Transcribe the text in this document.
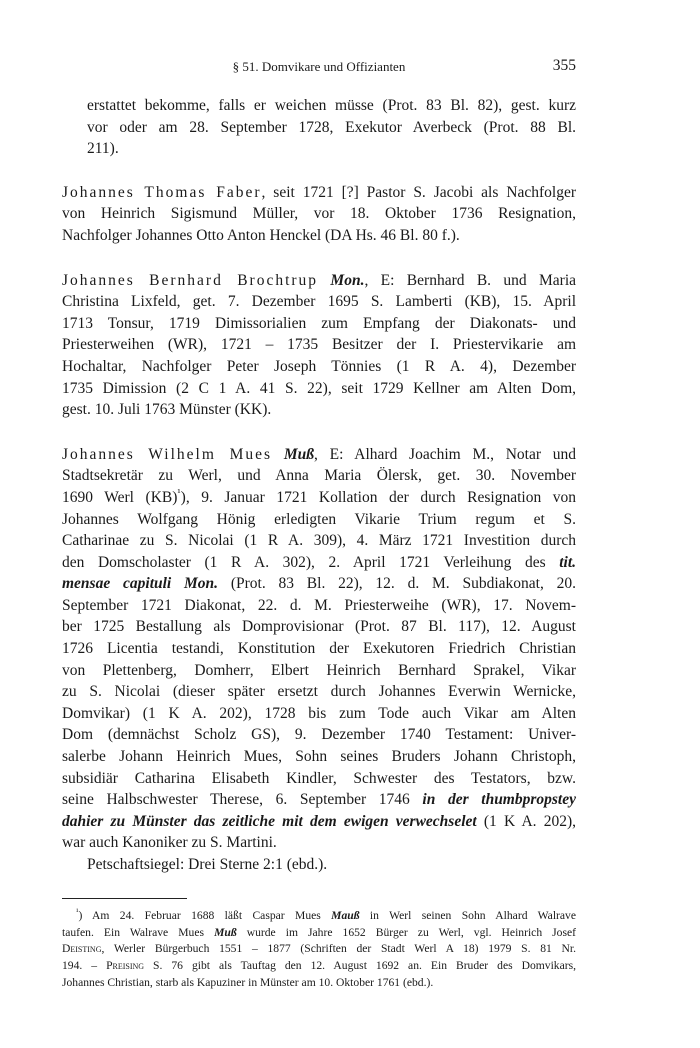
§ 51. Domvikare und Offizianten	355
erstattet bekomme, falls er weichen müsse (Prot. 83 Bl. 82), gest. kurz
vor oder am 28. September 1728, Exekutor Averbeck (Prot. 88 Bl.
211).
Johannes Thomas Faber, seit 1721 [?] Pastor S. Jacobi als Nachfolger
von Heinrich Sigismund Müller, vor 18. Oktober 1736 Resignation,
Nachfolger Johannes Otto Anton Henckel (DA Hs. 46 Bl. 80 f.).
Johannes Bernhard Brochtrup Mon., E: Bernhard B. und Maria
Christina Lixfeld, get. 7. Dezember 1695 S. Lamberti (KB), 15. April
1713 Tonsur, 1719 Dimissorialien zum Empfang der Diakonats- und
Priesterweihen (WR), 1721 – 1735 Besitzer der I. Priestervikarie am
Hochaltar, Nachfolger Peter Joseph Tönnies (1 R A. 4), Dezember
1735 Dimission (2 C 1 A. 41 S. 22), seit 1729 Kellner am Alten Dom,
gest. 10. Juli 1763 Münster (KK).
Johannes Wilhelm Mues Muß, E: Alhard Joachim M., Notar und
Stadtsekretär zu Werl, und Anna Maria Ölersk, get. 30. November
1690 Werl (KB)$^{^1}$), 9. Januar 1721 Kollation der durch Resignation von
Johannes Wolfgang Hönig erledigten Vikarie Trium regum et S.
Catharinae zu S. Nicolai (1 R A. 309), 4. März 1721 Investition durch
den Domscholaster (1 R A. 302), 2. April 1721 Verleihung des tit.
mensae capituli Mon. (Prot. 83 Bl. 22), 12. d. M. Subdiakonat, 20.
September 1721 Diakonat, 22. d. M. Priesterweihe (WR), 17. Novem-
ber 1725 Bestallung als Domprovisionar (Prot. 87 Bl. 117), 12. August
1726 Licentia testandi, Konstitution der Exekutoren Friedrich Christian
von Plettenberg, Domherr, Elbert Heinrich Bernhard Sprakel, Vikar
zu S. Nicolai (dieser später ersetzt durch Johannes Everwin Wernicke,
Domvikar) (1 K A. 202), 1728 bis zum Tode auch Vikar am Alten
Dom (demnächst Scholz GS), 9. Dezember 1740 Testament: Univer-
salerbe Johann Heinrich Mues, Sohn seines Bruders Johann Christoph,
subsidiär Catharina Elisabeth Kindler, Schwester des Testators, bzw.
seine Halbschwester Therese, 6. September 1746 in der thumbpropstey
dahier zu Münster das zeitliche mit dem ewigen verwechselet (1 K A. 202),
war auch Kanoniker zu S. Martini.
Petschaftsiegel: Drei Sterne 2:1 (ebd.).
$^{^1}$) Am 24. Februar 1688 läßt Caspar Mues Mauß in Werl seinen Sohn Alhard Walrave
taufen. Ein Walrave Mues Muß wurde im Jahre 1652 Bürger zu Werl, vgl. Heinrich Josef
Deisting, Werler Bürgerbuch 1551 – 1877 (Schriften der Stadt Werl A 18) 1979 S. 81 Nr.
194. – Preising S. 76 gibt als Tauftag den 12. August 1692 an. Ein Bruder des Domvikars,
Johannes Christian, starb als Kapuziner in Münster am 10. Oktober 1761 (ebd.).
